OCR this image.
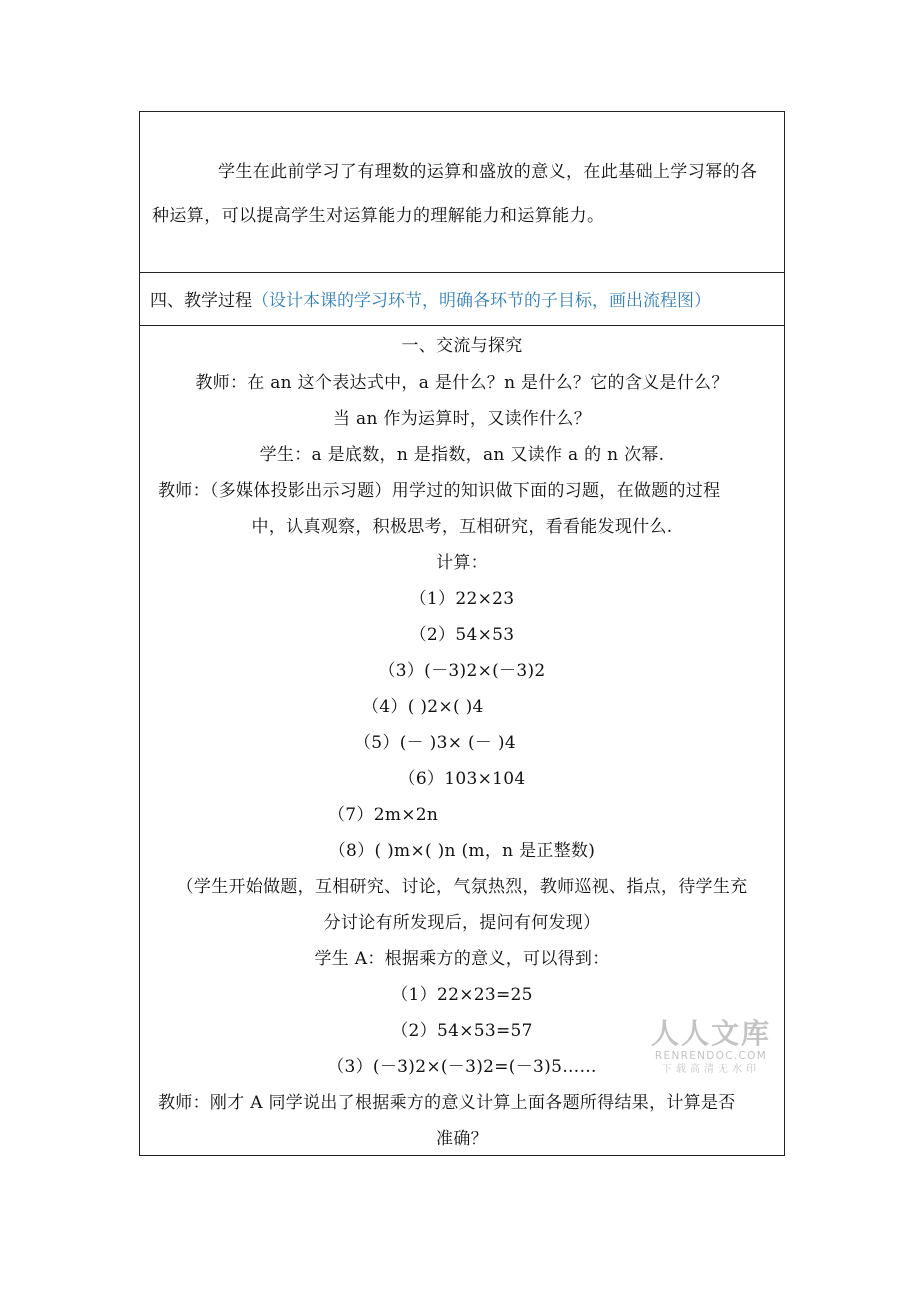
学生在此前学习了有理数的运算和盛放的意义，在此基础上学习幂的各种运算，可以提高学生对运算能力的理解能力和运算能力。

四、教学过程（设计本课的学习环节，明确各环节的子目标，画出流程图）
一、交流与探究
教师：在 an 这个表达式中，a 是什么？n 是什么？它的含义是什么？
当 an 作为运算时，又读作什么？
学生：a 是底数，n 是指数，an 又读作 a 的 n 次幂.
教师：（多媒体投影出示习题）用学过的知识做下面的习题，在做题的过程
中，认真观察，积极思考，互相研究，看看能发现什么.
计算：
（1）22×23
（2）54×53
（3）(－3)2×(－3)2
（4）( )2×( )4
（5）(－ )3× (－ )4
（6）103×104
（7）2m×2n
（8）( )m×( )n (m，n 是正整数)
（学生开始做题，互相研究、讨论，气氛热烈，教师巡视、指点，待学生充
分讨论有所发现后，提问有何发现）
学生 A：根据乘方的意义，可以得到：
（1）22×23=25
（2）54×53=57
（3）(－3)2×(－3)2=(－3)5……
教师：刚才 A 同学说出了根据乘方的意义计算上面各题所得结果，计算是否
准确？
人人文库
RENRENDOC.COM
下载高清无水印
